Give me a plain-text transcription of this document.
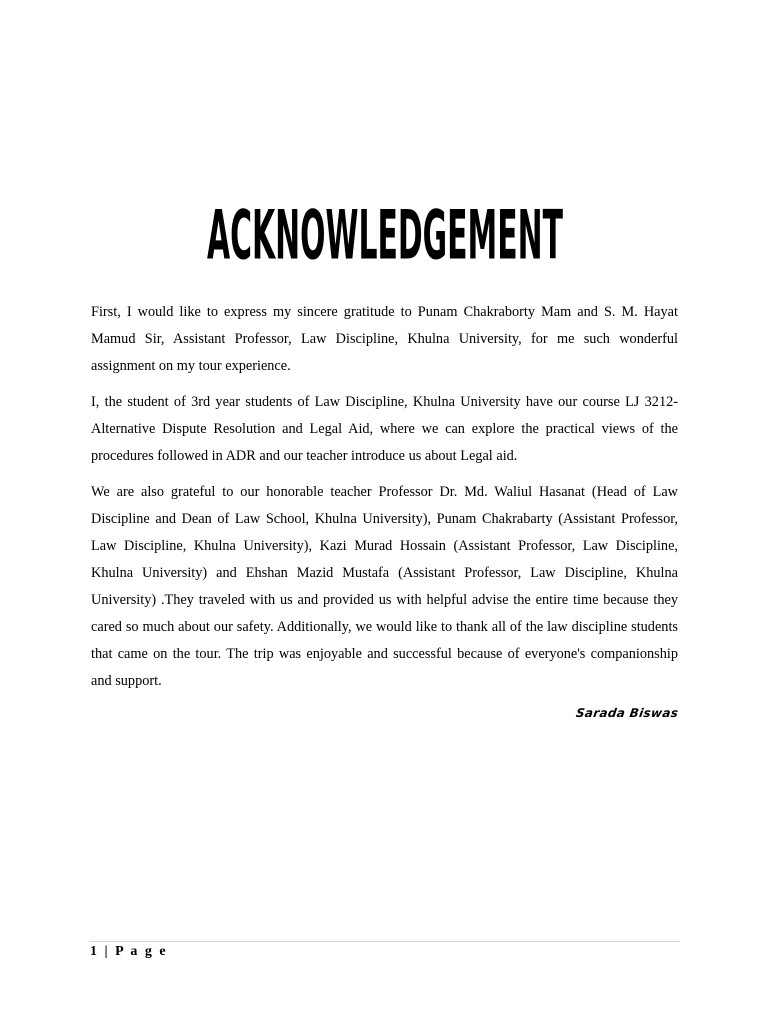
ACKNOWLEDGEMENT

First, I would like to express my sincere gratitude to Punam Chakraborty Mam and S. M. Hayat Mamud Sir, Assistant Professor, Law Discipline, Khulna University, for me such wonderful assignment on my tour experience.

I, the student of 3rd year students of Law Discipline, Khulna University have our course LJ 3212-Alternative Dispute Resolution and Legal Aid, where we can explore the practical views of the procedures followed in ADR and our teacher introduce us about Legal aid.

We are also grateful to our honorable teacher Professor Dr. Md. Waliul Hasanat (Head of Law Discipline and Dean of Law School, Khulna University), Punam Chakrabarty (Assistant Professor, Law Discipline, Khulna University), Kazi Murad Hossain (Assistant Professor, Law Discipline, Khulna University) and Ehshan Mazid Mustafa (Assistant Professor, Law Discipline, Khulna University) .They traveled with us and provided us with helpful advise the entire time because they cared so much about our safety. Additionally, we would like to thank all of the law discipline students that came on the tour. The trip was enjoyable and successful because of everyone's companionship and support.

Sarada Biswas
1 | P a g e
